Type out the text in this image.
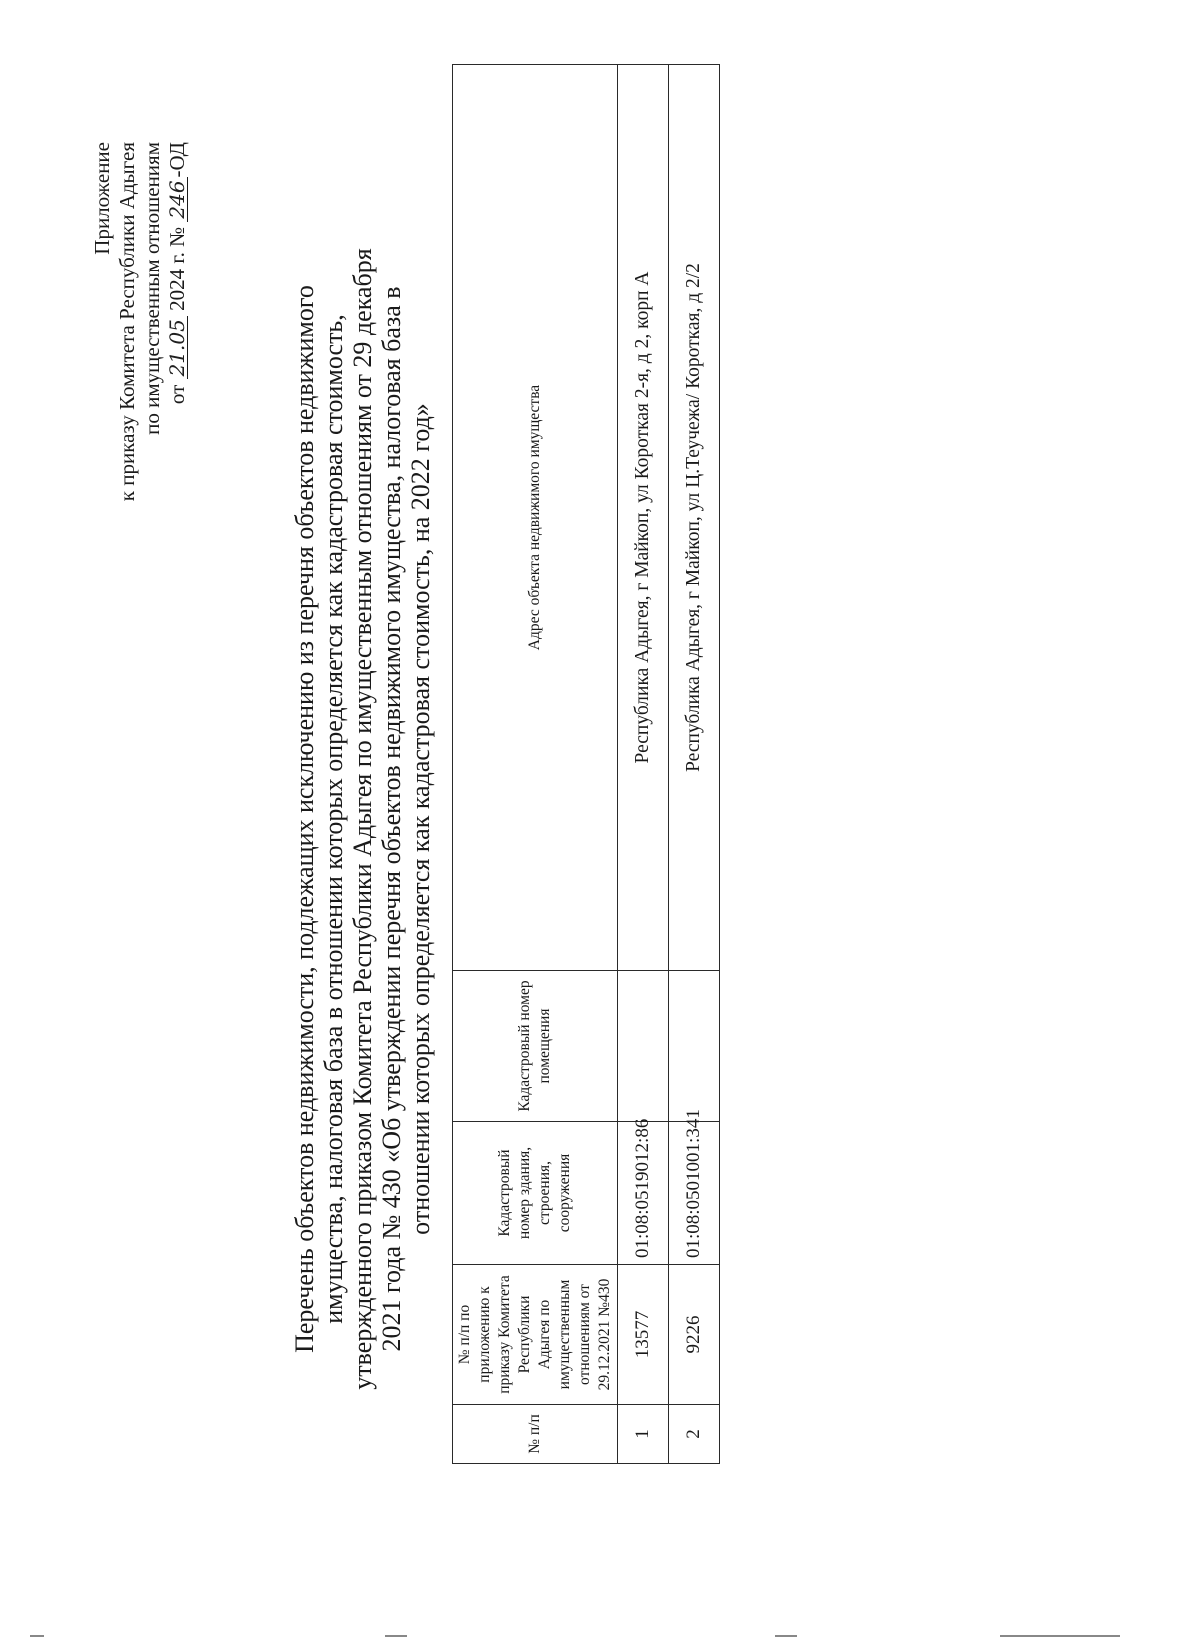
Приложение к приказу Комитета Республики Адыгея по имущественным отношениям от 21.05 2024 г. № 246-ОД
Перечень объектов недвижимости, подлежащих исключению из перечня объектов недвижимого имущества, налоговая база в отношении которых определяется как кадастровая стоимость, утвержденного приказом Комитета Республики Адыгея по имущественным отношениям от 29 декабря 2021 года № 430 «Об утверждении перечня объектов недвижимого имущества, налоговая база в отношении которых определяется как кадастровая стоимость, на 2022 год»
№ п/п	№ п/п по приложению к приказу Комитета Республики Адыгея по имущественным отношениям от 29.12.2021 №430	Кадастровый номер здания, строения, сооружения	Кадастровый номер помещения	Адрес объекта недвижимого имущества
1	13577	01:08:0519012:86		Республика Адыгея, г Майкоп, ул Короткая 2-я, д 2, корп А
2	9226	01:08:0501001:341		Республика Адыгея, г Майкоп, ул Ц.Теучежа/ Короткая, д 2/2
